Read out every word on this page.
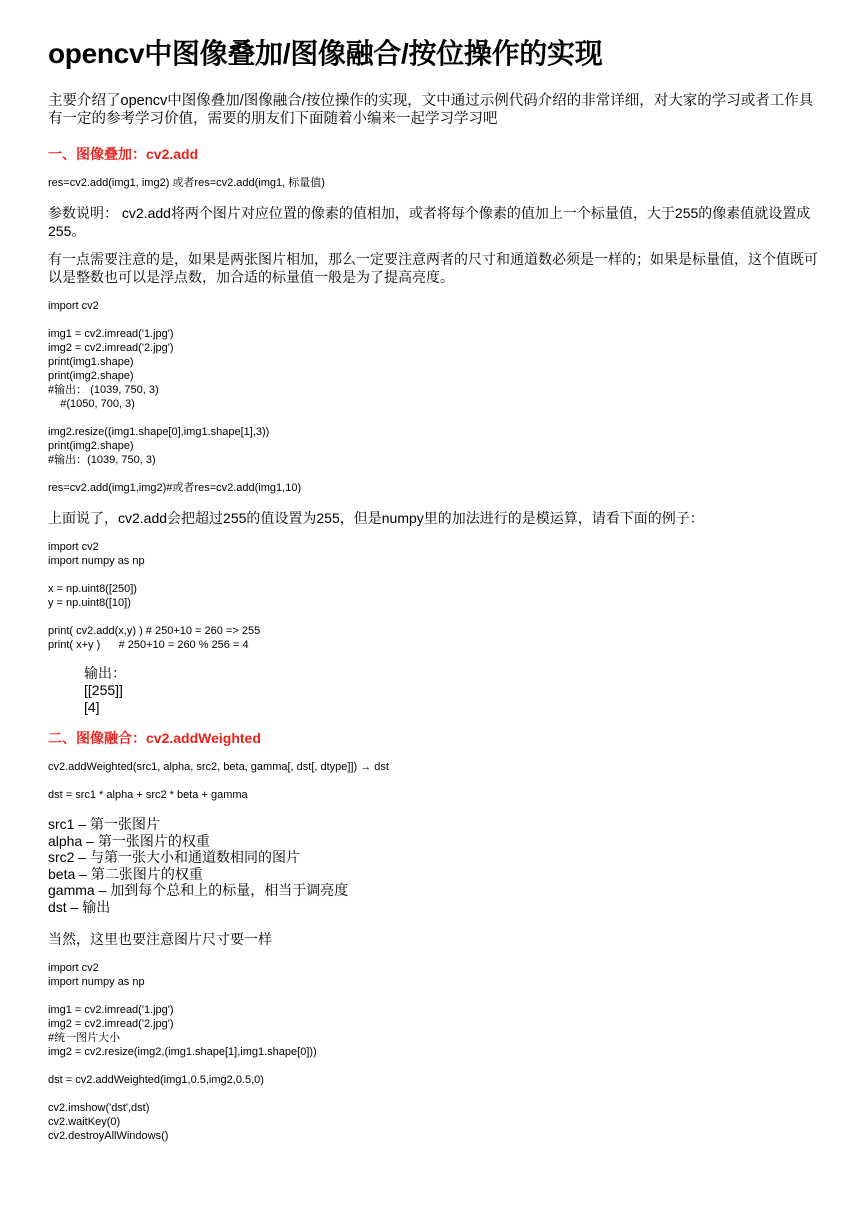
opencv中图像叠加/图像融合/按位操作的实现
主要介绍了opencv中图像叠加/图像融合/按位操作的实现，文中通过示例代码介绍的非常详细，对大家的学习或者工作具有一定的参考学习价值，需要的朋友们下面随着小编来一起学习学习吧
一、图像叠加：cv2.add
res=cv2.add(img1, img2) 或者res=cv2.add(img1, 标量值)
参数说明： cv2.add将两个图片对应位置的像素的值相加，或者将每个像素的值加上一个标量值，大于255的像素值就设置成255。
有一点需要注意的是，如果是两张图片相加，那么一定要注意两者的尺寸和通道数必须是一样的；如果是标量值，这个值既可以是整数也可以是浮点数，加合适的标量值一般是为了提高亮度。
import cv2
img1 = cv2.imread('1.jpg')
img2 = cv2.imread('2.jpg')
print(img1.shape)
print(img2.shape)
#输出： (1039, 750, 3)
#(1050, 700, 3)
img2.resize((img1.shape[0],img1.shape[1],3))
print(img2.shape)
#输出：(1039, 750, 3)
res=cv2.add(img1,img2)#或者res=cv2.add(img1,10)
上面说了，cv2.add会把超过255的值设置为255，但是numpy里的加法进行的是模运算，请看下面的例子：
import cv2
import numpy as np
x = np.uint8([250])
y = np.uint8([10])
print( cv2.add(x,y) ) # 250+10 = 260 => 255
print( x+y )      # 250+10 = 260 % 256 = 4
输出：
[[255]]
[4]
二、图像融合：cv2.addWeighted
cv2.addWeighted(src1, alpha, src2, beta, gamma[, dst[, dtype]]) → dst
dst = src1 * alpha + src2 * beta + gamma
src1 – 第一张图片
alpha – 第一张图片的权重
src2 – 与第一张大小和通道数相同的图片
beta – 第二张图片的权重
gamma – 加到每个总和上的标量，相当于调亮度
dst – 输出
当然，这里也要注意图片尺寸要一样
import cv2
import numpy as np
img1 = cv2.imread('1.jpg')
img2 = cv2.imread('2.jpg')
#统一图片大小
img2 = cv2.resize(img2,(img1.shape[1],img1.shape[0]))
dst = cv2.addWeighted(img1,0.5,img2,0.5,0)
cv2.imshow('dst',dst)
cv2.waitKey(0)
cv2.destroyAllWindows()
